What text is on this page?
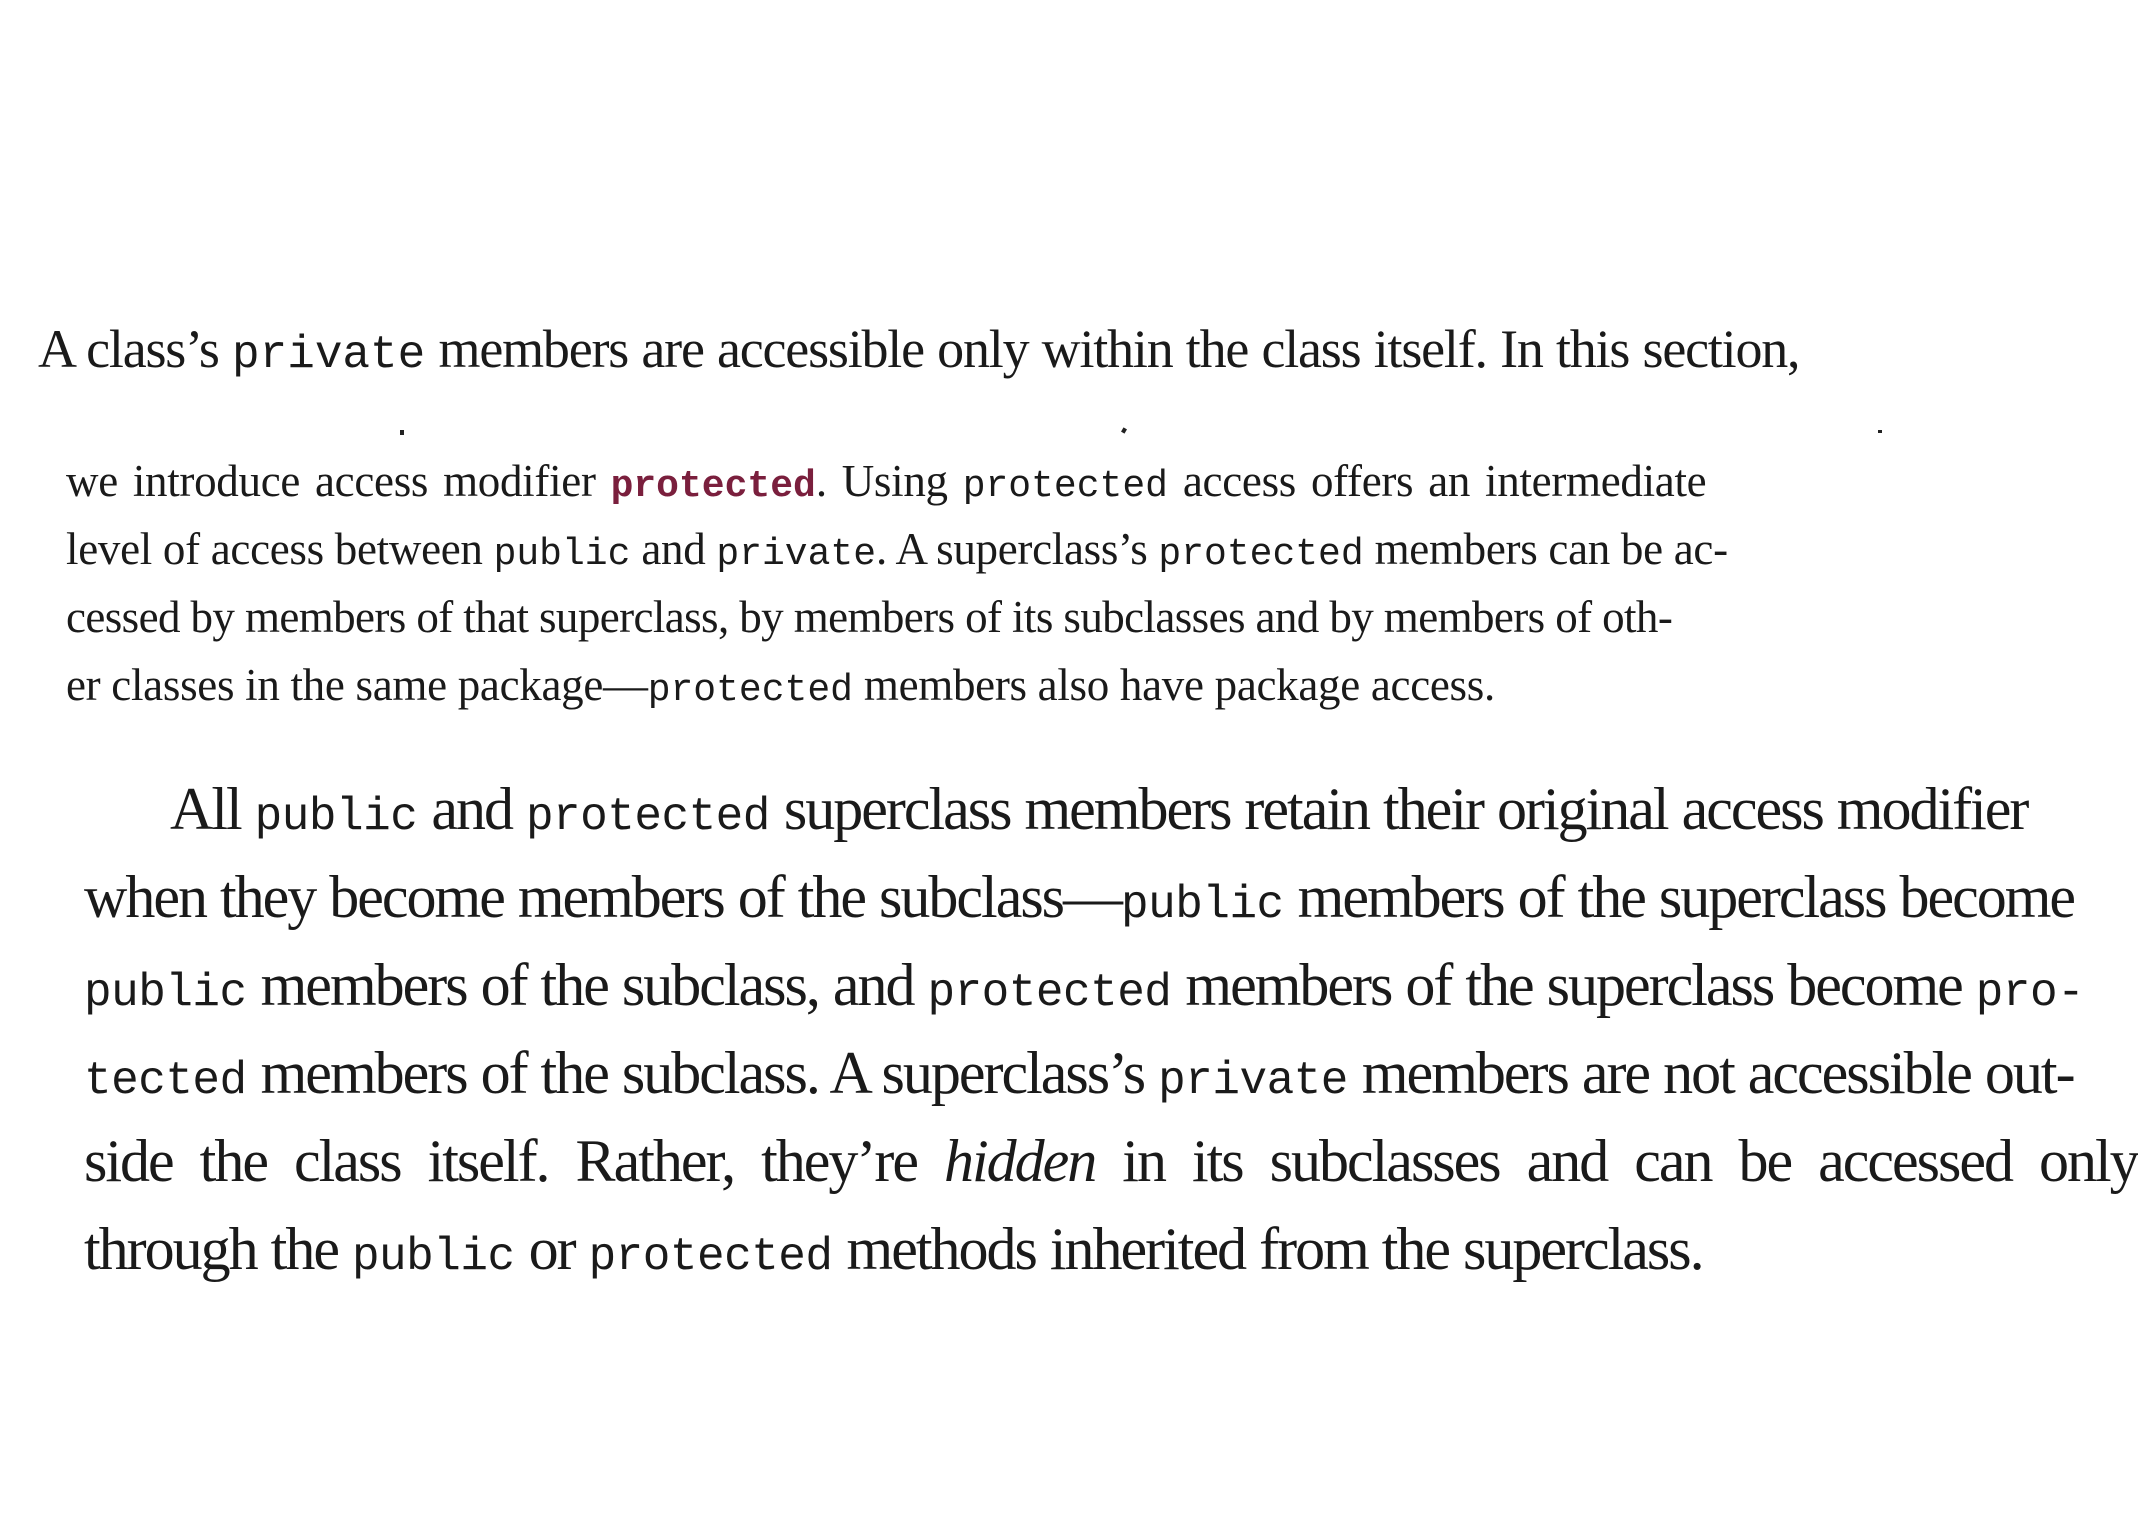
A class’s private members are accessible only within the class itself. In this section,
we introduce access modifier protected. Using protected access offers an intermediate
level of access between public and private. A superclass’s protected members can be ac-
cessed by members of that superclass, by members of its subclasses and by members of oth-
er classes in the same package—protected members also have package access.
All public and protected superclass members retain their original access modifier
when they become members of the subclass—public members of the superclass become
public members of the subclass, and protected members of the superclass become pro-
tected members of the subclass. A superclass’s private members are not accessible out-
side the class itself. Rather, they’re hidden in its subclasses and can be accessed only
through the public or protected methods inherited from the superclass.
